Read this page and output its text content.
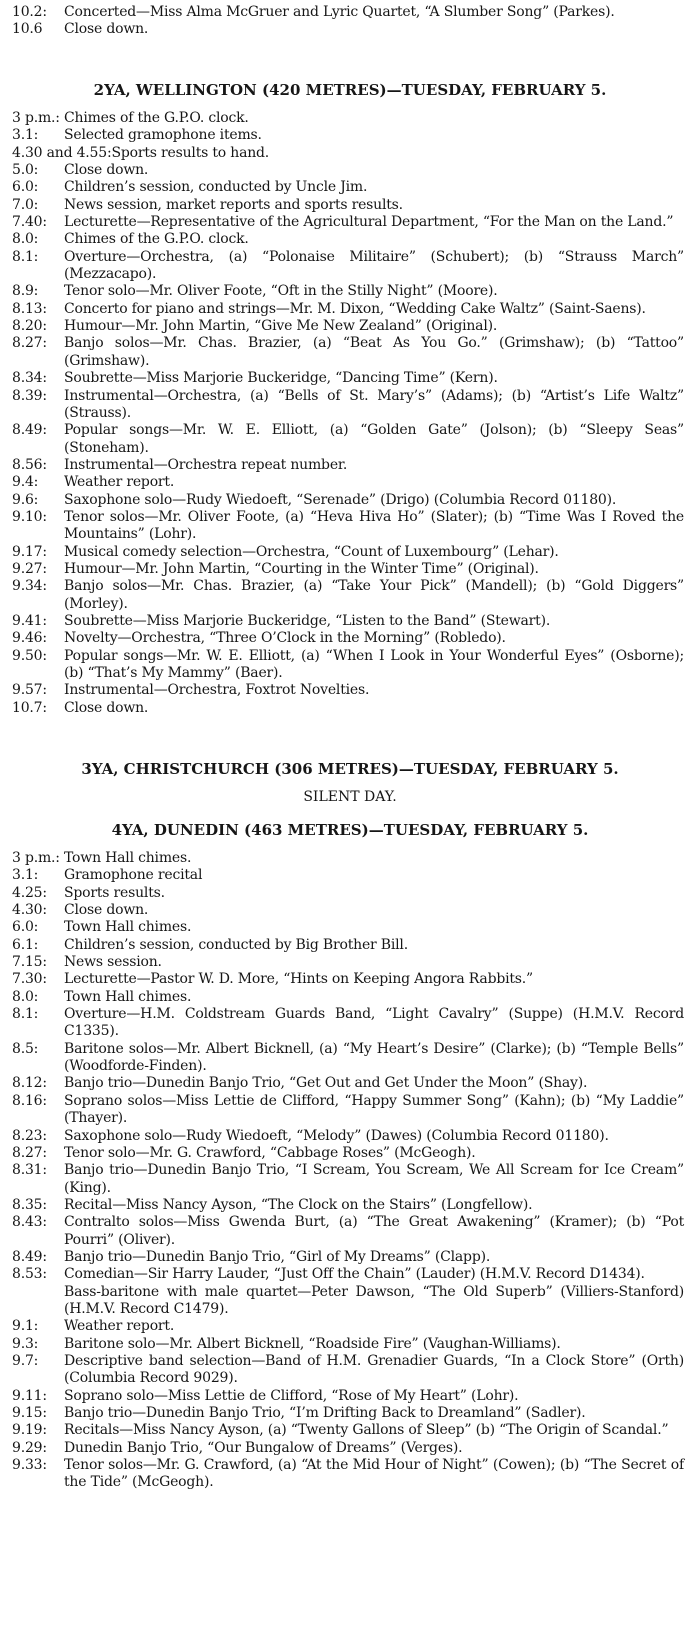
10.2:	Concerted—Miss Alma McGruer and Lyric Quartet, “A Slumber Song” (Parkes).
10.6	Close down.
2YA, WELLINGTON (420 METRES)—TUESDAY, FEBRUARY 5.
3 p.m.: Chimes of the G.P.O. clock.
3.1:	Selected gramophone items.
4.30 and 4.55: Sports results to hand.
5.0:	Close down.
6.0:	Children’s session, conducted by Uncle Jim.
7.0:	News session, market reports and sports results.
7.40:	Lecturette—Representative of the Agricultural Department, “For the Man on the Land.”
8.0:	Chimes of the G.P.O. clock.
8.1:	Overture—Orchestra, (a) “Polonaise Militaire” (Schubert); (b) “Strauss March” (Mezzacapo).
8.9:	Tenor solo—Mr. Oliver Foote, “Oft in the Stilly Night” (Moore).
8.13:	Concerto for piano and strings—Mr. M. Dixon, “Wedding Cake Waltz” (Saint-Saens).
8.20:	Humour—Mr. John Martin, “Give Me New Zealand” (Original).
8.27:	Banjo solos—Mr. Chas. Brazier, (a) “Beat As You Go.” (Grimshaw); (b) “Tattoo” (Grimshaw).
8.34:	Soubrette—Miss Marjorie Buckeridge, “Dancing Time” (Kern).
8.39:	Instrumental—Orchestra, (a) “Bells of St. Mary’s” (Adams); (b) “Artist’s Life Waltz” (Strauss).
8.49:	Popular songs—Mr. W. E. Elliott, (a) “Golden Gate” (Jolson); (b) “Sleepy Seas” (Stoneham).
8.56:	Instrumental—Orchestra repeat number.
9.4:	Weather report.
9.6:	Saxophone solo—Rudy Wiedoeft, “Serenade” (Drigo) (Columbia Record 01180).
9.10:	Tenor solos—Mr. Oliver Foote, (a) “Heva Hiva Ho” (Slater); (b) “Time Was I Roved the Mountains” (Lohr).
9.17:	Musical comedy selection—Orchestra, “Count of Luxembourg” (Lehar).
9.27:	Humour—Mr. John Martin, “Courting in the Winter Time” (Original).
9.34:	Banjo solos—Mr. Chas. Brazier, (a) “Take Your Pick” (Mandell); (b) “Gold Diggers” (Morley).
9.41:	Soubrette—Miss Marjorie Buckeridge, “Listen to the Band” (Stewart).
9.46:	Novelty—Orchestra, “Three O’Clock in the Morning” (Robledo).
9.50:	Popular songs—Mr. W. E. Elliott, (a) “When I Look in Your Wonderful Eyes” (Osborne); (b) “That’s My Mammy” (Baer).
9.57:	Instrumental—Orchestra, Foxtrot Novelties.
10.7:	Close down.
3YA, CHRISTCHURCH (306 METRES)—TUESDAY, FEBRUARY 5.
SILENT DAY.
4YA, DUNEDIN (463 METRES)—TUESDAY, FEBRUARY 5.
3 p.m.: Town Hall chimes.
3.1:	Gramophone recital
4.25:	Sports results.
4.30:	Close down.
6.0:	Town Hall chimes.
6.1:	Children’s session, conducted by Big Brother Bill.
7.15:	News session.
7.30:	Lecturette—Pastor W. D. More, “Hints on Keeping Angora Rabbits.”
8.0:	Town Hall chimes.
8.1:	Overture—H.M. Coldstream Guards Band, “Light Cavalry” (Suppe) (H.M.V. Record C1335).
8.5:	Baritone solos—Mr. Albert Bicknell, (a) “My Heart’s Desire” (Clarke); (b) “Temple Bells” (Woodforde-Finden).
8.12:	Banjo trio—Dunedin Banjo Trio, “Get Out and Get Under the Moon” (Shay).
8.16:	Soprano solos—Miss Lettie de Clifford, “Happy Summer Song” (Kahn); (b) “My Laddie” (Thayer).
8.23:	Saxophone solo—Rudy Wiedoeft, “Melody” (Dawes) (Columbia Record 01180).
8.27:	Tenor solo—Mr. G. Crawford, “Cabbage Roses” (McGeogh).
8.31:	Banjo trio—Dunedin Banjo Trio, “I Scream, You Scream, We All Scream for Ice Cream” (King).
8.35:	Recital—Miss Nancy Ayson, “The Clock on the Stairs” (Longfellow).
8.43:	Contralto solos—Miss Gwenda Burt, (a) “The Great Awakening” (Kramer); (b) “Pot Pourri” (Oliver).
8.49:	Banjo trio—Dunedin Banjo Trio, “Girl of My Dreams” (Clapp).
8.53:	Comedian—Sir Harry Lauder, “Just Off the Chain” (Lauder) (H.M.V. Record D1434).
Bass-baritone with male quartet—Peter Dawson, “The Old Superb” (Villiers-Stanford) (H.M.V. Record C1479).
9.1:	Weather report.
9.3:	Baritone solo—Mr. Albert Bicknell, “Roadside Fire” (Vaughan-Williams).
9.7:	Descriptive band selection—Band of H.M. Grenadier Guards, “In a Clock Store” (Orth) (Columbia Record 9029).
9.11:	Soprano solo—Miss Lettie de Clifford, “Rose of My Heart” (Lohr).
9.15:	Banjo trio—Dunedin Banjo Trio, “I’m Drifting Back to Dreamland” (Sadler).
9.19:	Recitals—Miss Nancy Ayson, (a) “Twenty Gallons of Sleep” (b) “The Origin of Scandal.”
9.29:	Dunedin Banjo Trio, “Our Bungalow of Dreams” (Verges).
9.33:	Tenor solos—Mr. G. Crawford, (a) “At the Mid Hour of Night” (Cowen); (b) “The Secret of the Tide” (McGeogh).
